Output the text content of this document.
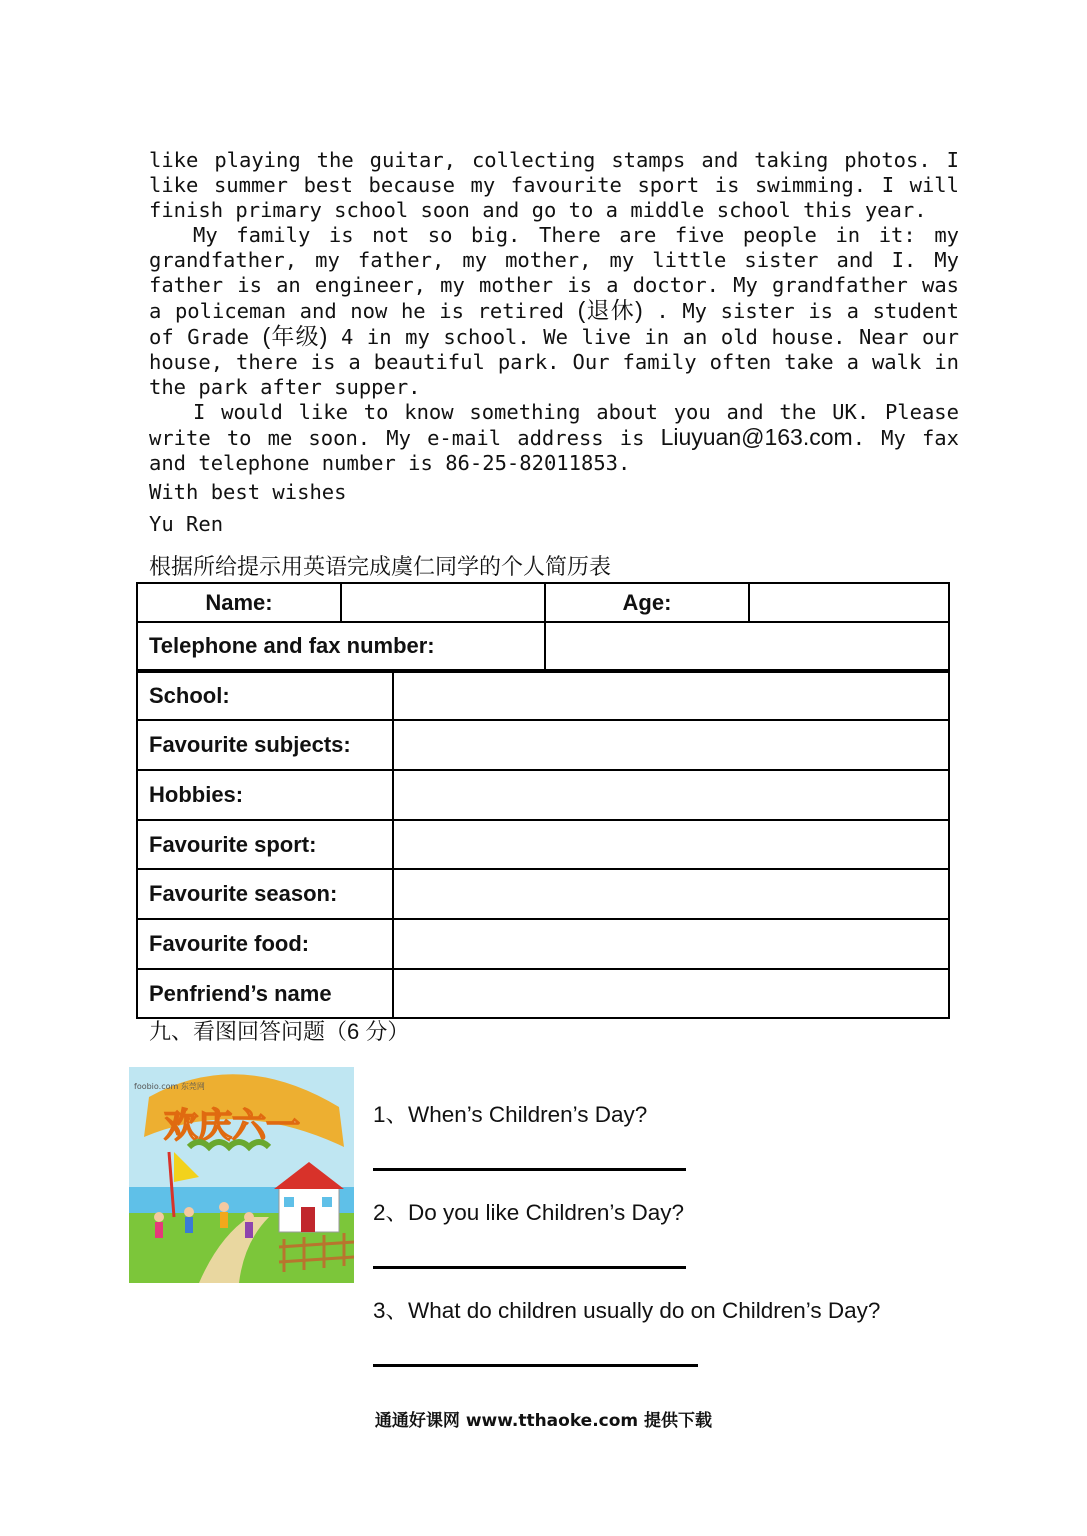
like playing the guitar, collecting stamps and taking photos. I like summer best because my favourite sport is swimming. I will finish primary school soon and go to a middle school this year.

My family is not so big. There are five people in it: my grandfather, my father, my mother, my little sister and I. My father is an engineer, my mother is a doctor. My grandfather was a policeman and now he is retired (退休) . My sister is a student of Grade (年级) 4 in my school. We live in an old house. Near our house, there is a beautiful park. Our family often take a walk in the park after supper.

I would like to know something about you and the UK. Please write to me soon. My e-mail address is Liuyuan@163.com. My fax and telephone number is 86-25-82011853.

With best wishes
Yu Ren
根据所给提示用英语完成虞仁同学的个人简历表
Name:		Age:	
Telephone and fax number:			
School:	
Favourite subjects:	
Hobbies:	
Favourite sport:	
Favourite season:	
Favourite food:	
Penfriend’s name	
九、看图回答问题（6 分）
欢庆六一
foobio.com 东莞网
1、When’s Children’s Day?
2、Do you like Children’s Day?
3、What do children usually do on Children’s Day?
通通好课网 www.tthaoke.com 提供下载
